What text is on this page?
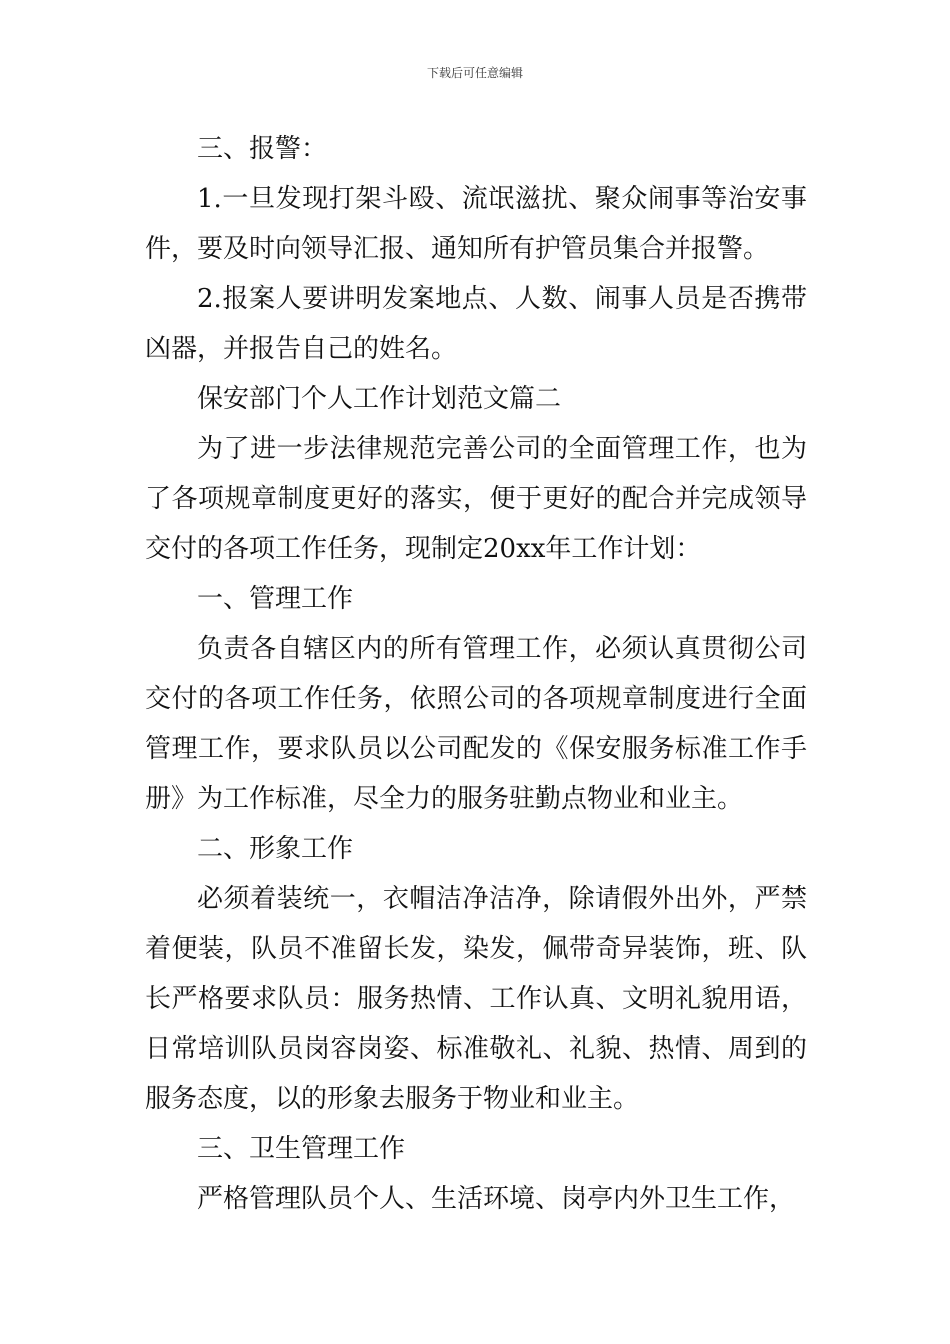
下载后可任意编辑

三、报警：

1.一旦发现打架斗殴、流氓滋扰、聚众闹事等治安事件，要及时向领导汇报、通知所有护管员集合并报警。

2.报案人要讲明发案地点、人数、闹事人员是否携带凶器，并报告自己的姓名。

保安部门个人工作计划范文篇二

为了进一步法律规范完善公司的全面管理工作，也为了各项规章制度更好的落实，便于更好的配合并完成领导交付的各项工作任务，现制定20xx年工作计划：

一、管理工作

负责各自辖区内的所有管理工作，必须认真贯彻公司交付的各项工作任务，依照公司的各项规章制度进行全面管理工作，要求队员以公司配发的《保安服务标准工作手册》为工作标准，尽全力的服务驻勤点物业和业主。

二、形象工作

必须着装统一，衣帽洁净洁净，除请假外出外，严禁着便装，队员不准留长发，染发，佩带奇异装饰，班、队长严格要求队员：服务热情、工作认真、文明礼貌用语，日常培训队员岗容岗姿、标准敬礼、礼貌、热情、周到的服务态度，以的形象去服务于物业和业主。

三、卫生管理工作

严格管理队员个人、生活环境、岗亭内外卫生工作，
